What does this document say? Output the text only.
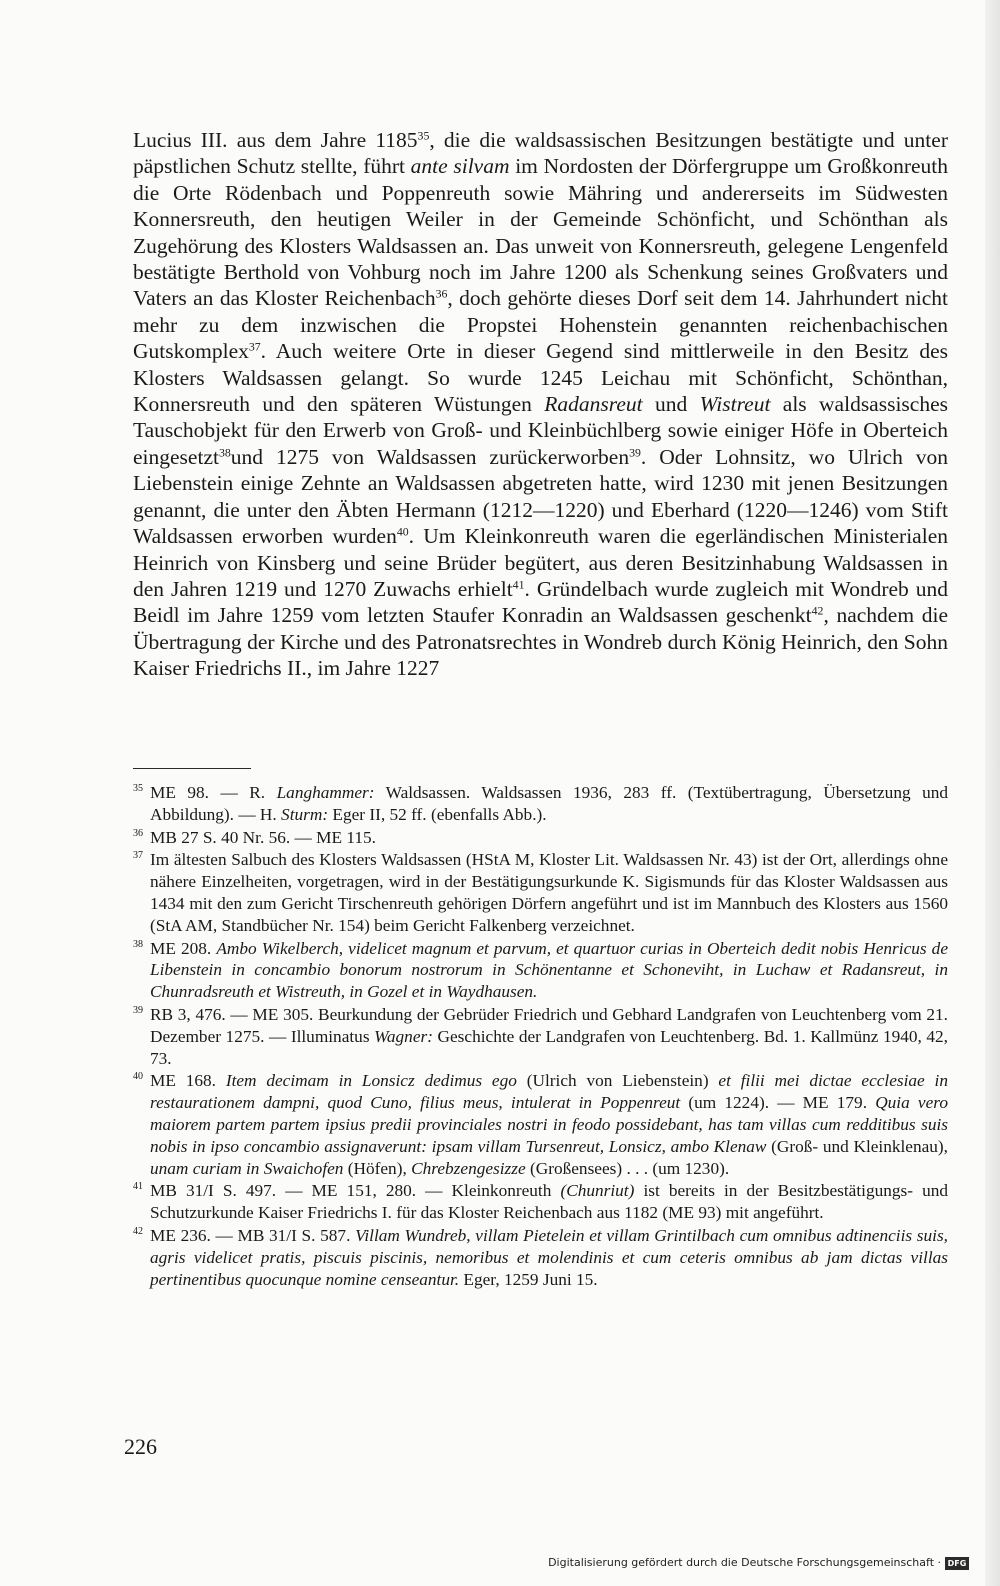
Lucius III. aus dem Jahre 1185$^{35}$, die die waldsassischen Besitzungen bestätigte und unter päpstlichen Schutz stellte, führt ante silvam im Nordosten der Dörfergruppe um Großkonreuth die Orte Rödenbach und Poppenreuth sowie Mähring und andererseits im Südwesten Konnersreuth, den heutigen Weiler in der Gemeinde Schönficht, und Schönthan als Zugehörung des Klosters Waldsassen an. Das unweit von Konnersreuth, gelegene Lengenfeld bestätigte Berthold von Vohburg noch im Jahre 1200 als Schenkung seines Großvaters und Vaters an das Kloster Reichenbach$^{36}$, doch gehörte dieses Dorf seit dem 14. Jahrhundert nicht mehr zu dem inzwischen die Propstei Hohenstein genannten reichenbachischen Gutskomplex$^{37}$. Auch weitere Orte in dieser Gegend sind mittlerweile in den Besitz des Klosters Waldsassen gelangt. So wurde 1245 Leichau mit Schönficht, Schönthan, Konnersreuth und den späteren Wüstungen Radansreut und Wistreut als waldsassisches Tauschobjekt für den Erwerb von Groß- und Kleinbüchlberg sowie einiger Höfe in Oberteich eingesetzt$^{38}$und 1275 von Waldsassen zurückerworben$^{39}$. Oder Lohnsitz, wo Ulrich von Liebenstein einige Zehnte an Waldsassen abgetreten hatte, wird 1230 mit jenen Besitzungen genannt, die unter den Äbten Hermann (1212—1220) und Eberhard (1220—1246) vom Stift Waldsassen erworben wurden$^{40}$. Um Kleinkonreuth waren die egerländischen Ministerialen Heinrich von Kinsberg und seine Brüder begütert, aus deren Besitzinhabung Waldsassen in den Jahren 1219 und 1270 Zuwachs erhielt$^{41}$. Gründelbach wurde zugleich mit Wondreb und Beidl im Jahre 1259 vom letzten Staufer Konradin an Waldsassen geschenkt$^{42}$, nachdem die Übertragung der Kirche und des Patronatsrechtes in Wondreb durch König Heinrich, den Sohn Kaiser Friedrichs II., im Jahre 1227

35 ME 98. — R. Langhammer: Waldsassen. Waldsassen 1936, 283 ff. (Textübertragung, Übersetzung und Abbildung). — H. Sturm: Eger II, 52 ff. (ebenfalls Abb.).
36 MB 27 S. 40 Nr. 56. — ME 115.
37 Im ältesten Salbuch des Klosters Waldsassen (HStA M, Kloster Lit. Waldsassen Nr. 43) ist der Ort, allerdings ohne nähere Einzelheiten, vorgetragen, wird in der Bestätigungsurkunde K. Sigismunds für das Kloster Waldsassen aus 1434 mit den zum Gericht Tirschenreuth gehörigen Dörfern angeführt und ist im Mannbuch des Klosters aus 1560 (StA AM, Standbücher Nr. 154) beim Gericht Falkenberg verzeichnet.
38 ME 208. Ambo Wikelberch, videlicet magnum et parvum, et quartuor curias in Oberteich dedit nobis Henricus de Libenstein in concambio bonorum nostrorum in Schönentanne et Schoneviht, in Luchaw et Radansreut, in Chunradsreuth et Wistreuth, in Gozel et in Waydhausen.
39 RB 3, 476. — ME 305. Beurkundung der Gebrüder Friedrich und Gebhard Landgrafen von Leuchtenberg vom 21. Dezember 1275. — Illuminatus Wagner: Geschichte der Landgrafen von Leuchtenberg. Bd. 1. Kallmünz 1940, 42, 73.
40 ME 168. Item decimam in Lonsicz dedimus ego (Ulrich von Liebenstein) et filii mei dictae ecclesiae in restaurationem dampni, quod Cuno, filius meus, intulerat in Poppenreut (um 1224). — ME 179. Quia vero maiorem partem partem ipsius predii provinciales nostri in feodo possidebant, has tam villas cum redditibus suis nobis in ipso concambio assignaverunt: ipsam villam Tursenreut, Lonsicz, ambo Klenaw (Groß- und Kleinklenau), unam curiam in Swaichofen (Höfen), Chrebzengesizze (Großensees) . . . (um 1230).
41 MB 31/I S. 497. — ME 151, 280. — Kleinkonreuth (Chunriut) ist bereits in der Besitzbestätigungs- und Schutzurkunde Kaiser Friedrichs I. für das Kloster Reichenbach aus 1182 (ME 93) mit angeführt.
42 ME 236. — MB 31/I S. 587. Villam Wundreb, villam Pietelein et villam Grintilbach cum omnibus adtinenciis suis, agris videlicet pratis, piscuis piscinis, nemoribus et molendinis et cum ceteris omnibus ab jam dictas villas pertinentibus quocunque nomine censeantur. Eger, 1259 Juni 15.
226
Digitalisierung gefördert durch die Deutsche Forschungsgemeinschaft · DFG
